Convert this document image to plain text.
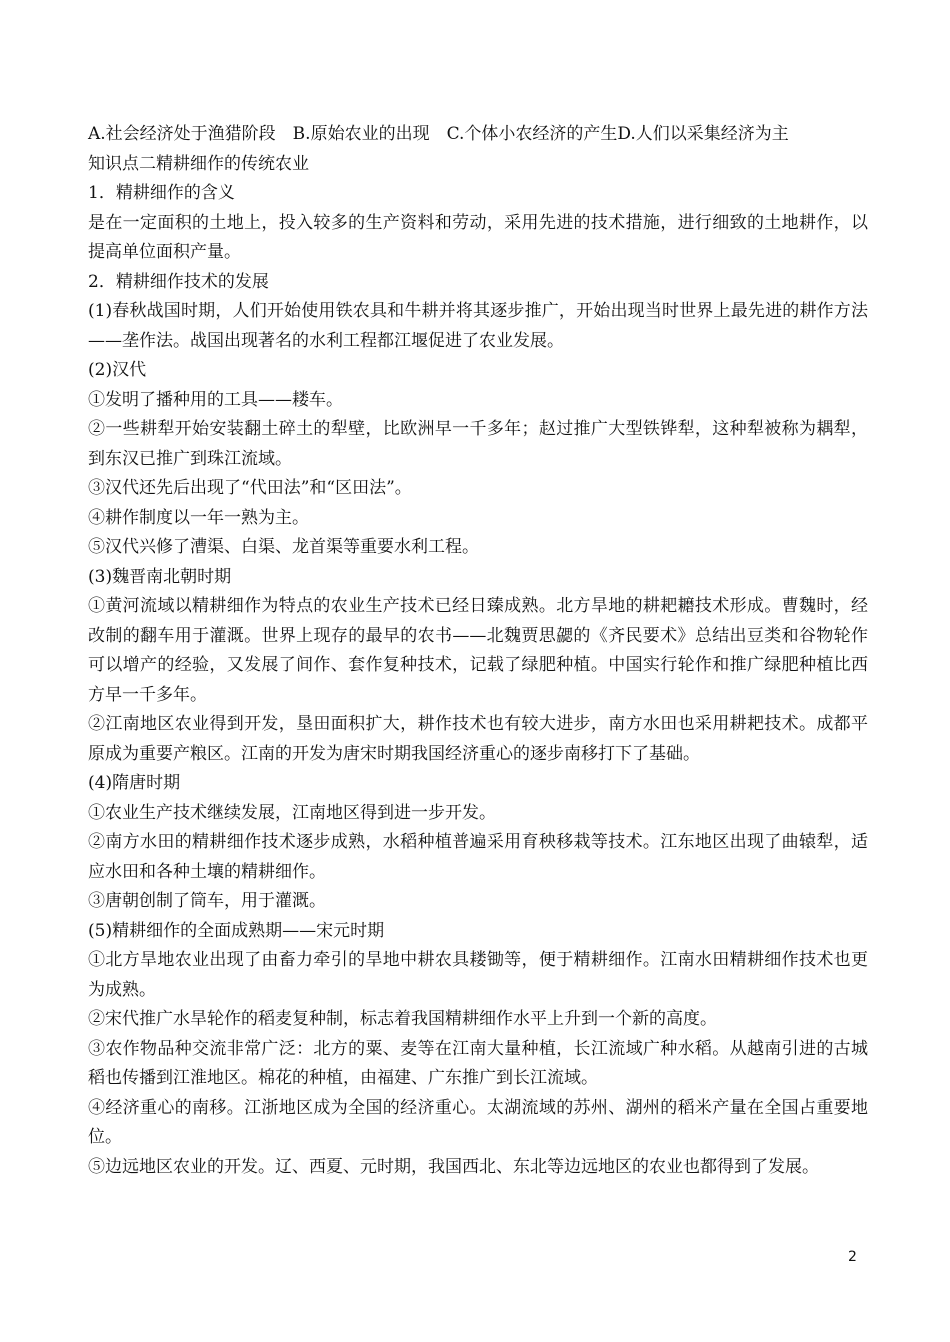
A.社会经济处于渔猎阶段　B.原始农业的出现　C.个体小农经济的产生D.人们以采集经济为主

知识点二精耕细作的传统农业

1．精耕细作的含义

是在一定面积的土地上，投入较多的生产资料和劳动，采用先进的技术措施，进行细致的土地耕作，以提高单位面积产量。

2．精耕细作技术的发展

(1)春秋战国时期，人们开始使用铁农具和牛耕并将其逐步推广，开始出现当时世界上最先进的耕作方法——垄作法。战国出现著名的水利工程都江堰促进了农业发展。

(2)汉代

①发明了播种用的工具——耧车。

②一些耕犁开始安装翻土碎土的犁壁，比欧洲早一千多年；赵过推广大型铁铧犁，这种犁被称为耦犁，到东汉已推广到珠江流域。

③汉代还先后出现了“代田法”和“区田法”。

④耕作制度以一年一熟为主。

⑤汉代兴修了漕渠、白渠、龙首渠等重要水利工程。

(3)魏晋南北朝时期

①黄河流域以精耕细作为特点的农业生产技术已经日臻成熟。北方旱地的耕耙耱技术形成。曹魏时，经改制的翻车用于灌溉。世界上现存的最早的农书——北魏贾思勰的《齐民要术》总结出豆类和谷物轮作可以增产的经验，又发展了间作、套作复种技术，记载了绿肥种植。中国实行轮作和推广绿肥种植比西方早一千多年。

②江南地区农业得到开发，垦田面积扩大，耕作技术也有较大进步，南方水田也采用耕耙技术。成都平原成为重要产粮区。江南的开发为唐宋时期我国经济重心的逐步南移打下了基础。

(4)隋唐时期

①农业生产技术继续发展，江南地区得到进一步开发。

②南方水田的精耕细作技术逐步成熟，水稻种植普遍采用育秧移栽等技术。江东地区出现了曲辕犁，适应水田和各种土壤的精耕细作。

③唐朝创制了筒车，用于灌溉。

(5)精耕细作的全面成熟期——宋元时期

①北方旱地农业出现了由畜力牵引的旱地中耕农具耧锄等，便于精耕细作。江南水田精耕细作技术也更为成熟。

②宋代推广水旱轮作的稻麦复种制，标志着我国精耕细作水平上升到一个新的高度。

③农作物品种交流非常广泛：北方的粟、麦等在江南大量种植，长江流域广种水稻。从越南引进的古城稻也传播到江淮地区。棉花的种植，由福建、广东推广到长江流域。

④经济重心的南移。江浙地区成为全国的经济重心。太湖流域的苏州、湖州的稻米产量在全国占重要地位。

⑤边远地区农业的开发。辽、西夏、元时期，我国西北、东北等边远地区的农业也都得到了发展。

2
